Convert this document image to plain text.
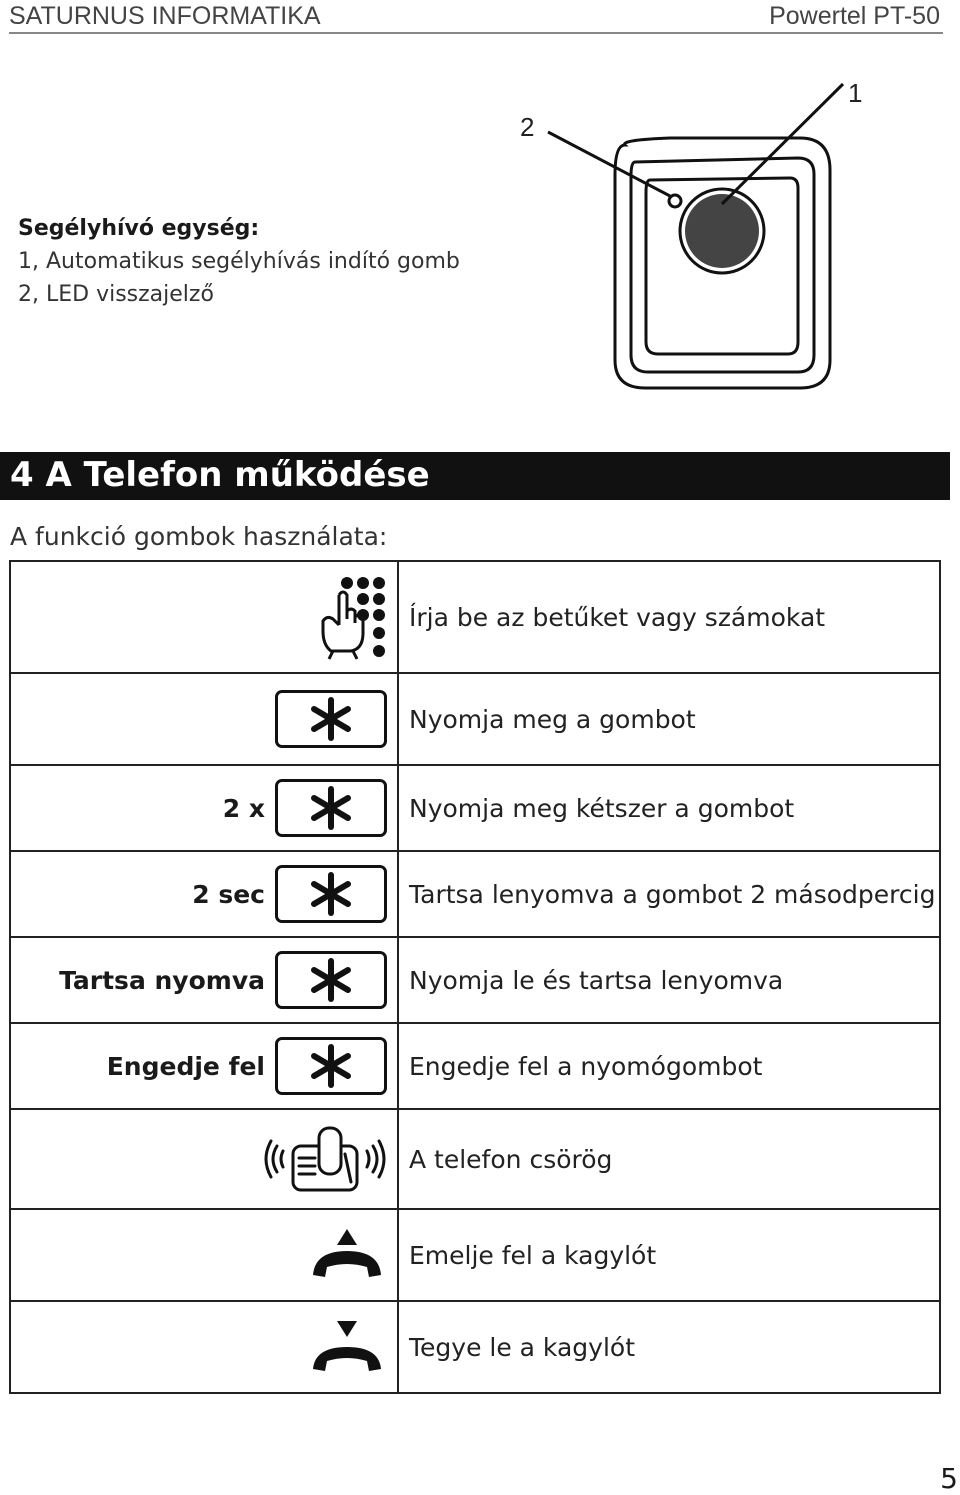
SATURNUS INFORMATIKA	Powertel PT-50
Segélyhívó egység:
1, Automatikus segélyhívás indító gomb
2, LED visszajelző
1
2
4 A Telefon működése
A funkció gombok használata:

Írja be az betűket vagy számokat

Nyomja meg a gombot

2 x	Nyomja meg kétszer a gombot

2 sec	Tartsa lenyomva a gombot 2 másodpercig

Tartsa nyomva	Nyomja le és tartsa lenyomva

Engedje fel	Engedje fel a nyomógombot

A telefon csörög

Emelje fel a kagylót

Tegye le a kagylót
5
